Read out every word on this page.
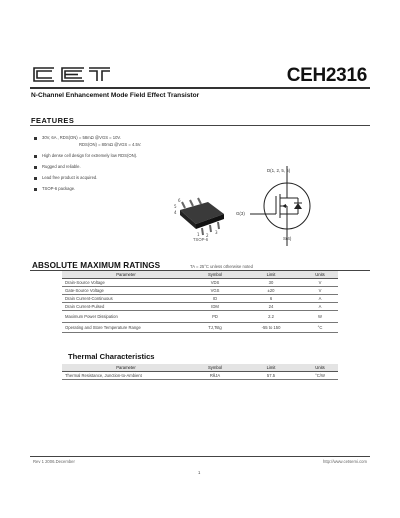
CEH2316
N-Channel Enhancement Mode Field Effect Transistor
FEATURES
30V, 6A , RDS(ON) = 58mΩ @VGS = 10V.
RDS(ON) = 80mΩ @VGS = 4.5V.
High dense cell design for extremely low RDS(ON).
Rugged and reliable.
Lead free product is acquired.
TSOP-6 package.
6
5
4
1 2
3
TSOP-6
D(1, 2, 5, 6)
G(3)
S(4)
ABSOLUTE MAXIMUM RATINGS	TA = 25°C unless otherwise noted
Parameter	Symbol	Limit	Units
Drain-Source Voltage	VDS	30	V
Gate-Source Voltage	VGS	±20	V
Drain Current-Continuous	ID	6	A
Drain Current-Pulsed	IDM	24	A
Maximum Power Dissipation	PD	2.2	W
Operating and Store Temperature Range	TJ,Tstg	-55 to 150	°C
Thermal Characteristics
Parameter	Symbol	Limit	Units
Thermal Resistance, Junction-to-Ambient	RθJA	57.5	°C/W
Rev 1 2006.December	http://www.cetsemi.com
1
